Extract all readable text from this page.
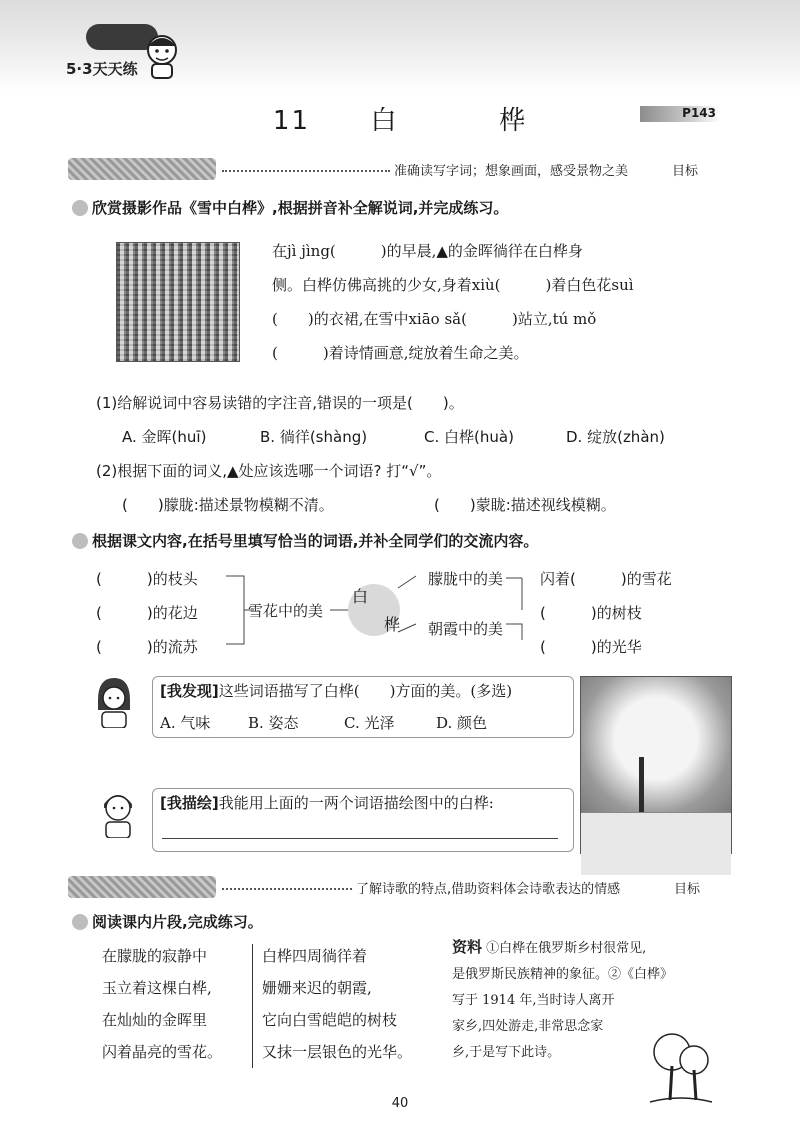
5·3天天练
11 白	桦	P143
准确读写字词；想象画面，感受景物之美	目标
欣赏摄影作品《雪中白桦》,根据拼音补全解说词,并完成练习。
在jì jìng(　　　)的早晨,▲的金晖徜徉在白桦身
侧。白桦仿佛高挑的少女,身着xiù(　　　)着白色花suì
(　　)的衣裙,在雪中xiāo sǎ(　　　)站立,tú mǒ
(　　　)着诗情画意,绽放着生命之美。
(1)给解说词中容易读错的字注音,错误的一项是(　　)。
A. 金晖(huī)	B. 徜徉(shàng)	C. 白桦(huà)	D. 绽放(zhàn)
(2)根据下面的词义,▲处应该选哪一个词语? 打“√”。
(　　)朦胧:描述景物模糊不清。	(　　)蒙眬:描述视线模糊。
根据课文内容,在括号里填写恰当的词语,并补全同学们的交流内容。
(　　　)的枝头
(　　　)的花边
(　　　)的流苏
雪花中的美
白
桦
朦胧中的美
朝霞中的美
闪着(　　　)的雪花
(　　　)的树枝
(　　　)的光华
[我发现]这些词语描写了白桦(　　)方面的美。(多选)
A. 气味	B. 姿态	C. 光泽	D. 颜色
[我描绘]我能用上面的一两个词语描绘图中的白桦:
了解诗歌的特点,借助资料体会诗歌表达的情感	目标
阅读课内片段,完成练习。
在朦胧的寂静中
玉立着这棵白桦,
在灿灿的金晖里
闪着晶亮的雪花。
白桦四周徜徉着
姗姗来迟的朝霞,
它向白雪皑皑的树枝
又抹一层银色的光华。
资料 ①白桦在俄罗斯乡村很常见,
是俄罗斯民族精神的象征。②《白桦》
写于 1914 年,当时诗人离开
家乡,四处游走,非常思念家
乡,于是写下此诗。
40
